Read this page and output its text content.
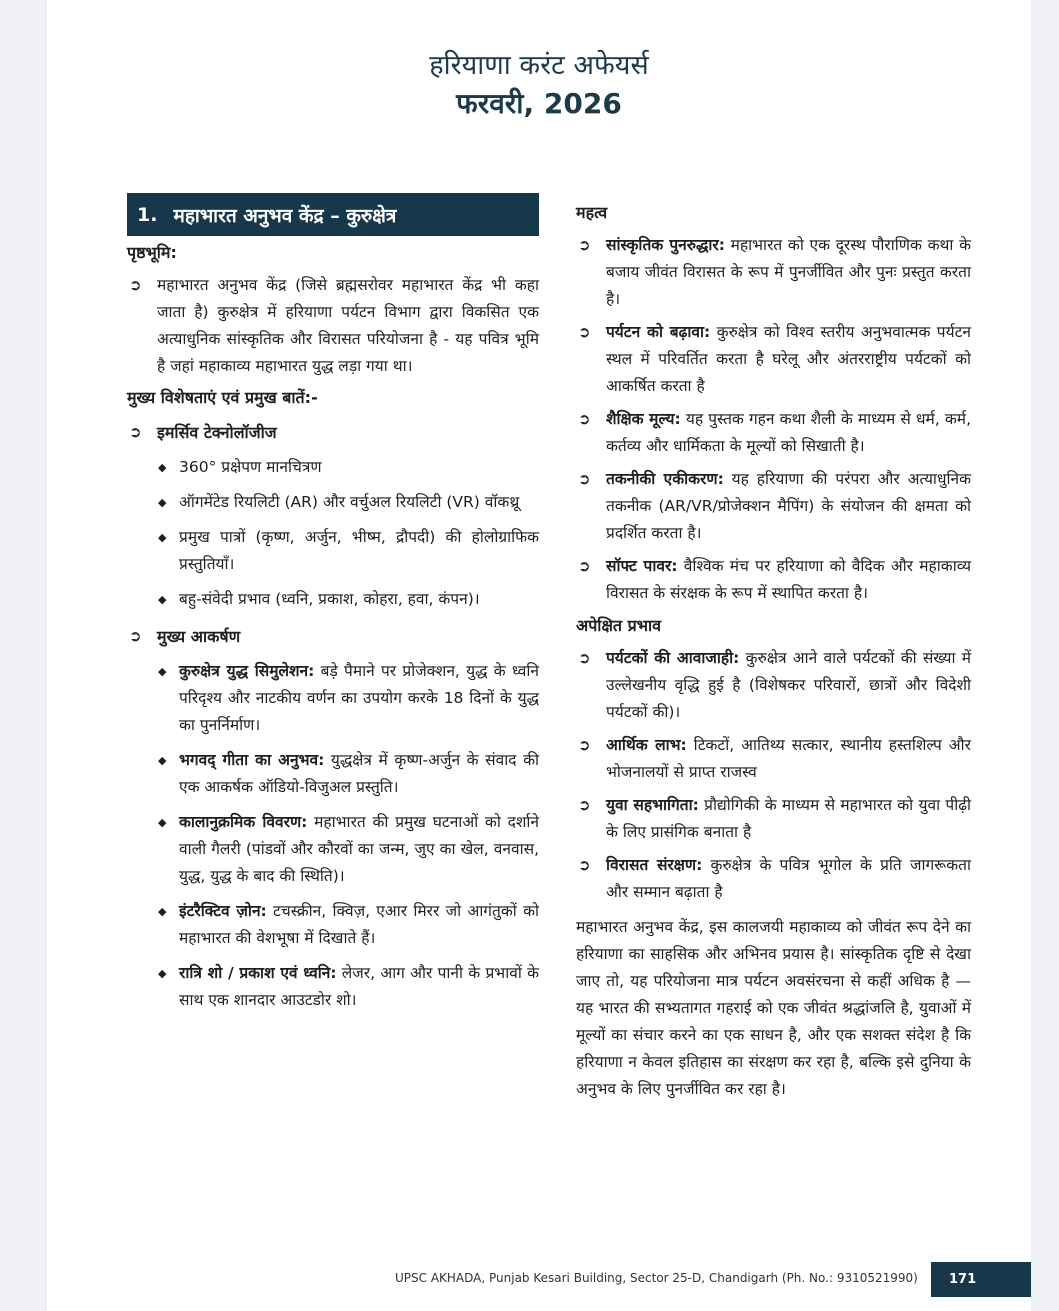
हरियाणा करंट अफेयर्स
फरवरी, 2026
1. महाभारत अनुभव केंद्र – कुरुक्षेत्र
पृष्ठभूमि:
➲ महाभारत अनुभव केंद्र (जिसे ब्रह्मसरोवर महाभारत केंद्र भी कहा जाता है) कुरुक्षेत्र में हरियाणा पर्यटन विभाग द्वारा विकसित एक अत्याधुनिक सांस्कृतिक और विरासत परियोजना है - यह पवित्र भूमि है जहां महाकाव्य महाभारत युद्ध लड़ा गया था।
मुख्य विशेषताएं एवं प्रमुख बातें:-
➲ इमर्सिव टेक्नोलॉजीज
◆ 360° प्रक्षेपण मानचित्रण
◆ ऑगमेंटेड रियलिटी (AR) और वर्चुअल रियलिटी (VR) वॉकथ्रू
◆ प्रमुख पात्रों (कृष्ण, अर्जुन, भीष्म, द्रौपदी) की होलोग्राफिक प्रस्तुतियाँ।
◆ बहु-संवेदी प्रभाव (ध्वनि, प्रकाश, कोहरा, हवा, कंपन)।
➲ मुख्य आकर्षण
◆ कुरुक्षेत्र युद्ध सिमुलेशन: बड़े पैमाने पर प्रोजेक्शन, युद्ध के ध्वनि परिदृश्य और नाटकीय वर्णन का उपयोग करके 18 दिनों के युद्ध का पुनर्निर्माण।
◆ भगवद् गीता का अनुभव: युद्धक्षेत्र में कृष्ण-अर्जुन के संवाद की एक आकर्षक ऑडियो-विजुअल प्रस्तुति।
◆ कालानुक्रमिक विवरण: महाभारत की प्रमुख घटनाओं को दर्शाने वाली गैलरी (पांडवों और कौरवों का जन्म, जुए का खेल, वनवास, युद्ध, युद्ध के बाद की स्थिति)।
◆ इंटरैक्टिव ज़ोन: टचस्क्रीन, क्विज़, एआर मिरर जो आगंतुकों को महाभारत की वेशभूषा में दिखाते हैं।
◆ रात्रि शो / प्रकाश एवं ध्वनि: लेजर, आग और पानी के प्रभावों के साथ एक शानदार आउटडोर शो।
महत्व
➲ सांस्कृतिक पुनरुद्धार: महाभारत को एक दूरस्थ पौराणिक कथा के बजाय जीवंत विरासत के रूप में पुनर्जीवित और पुनः प्रस्तुत करता है।
➲ पर्यटन को बढ़ावा: कुरुक्षेत्र को विश्व स्तरीय अनुभवात्मक पर्यटन स्थल में परिवर्तित करता है घरेलू और अंतरराष्ट्रीय पर्यटकों को आकर्षित करता है
➲ शैक्षिक मूल्य: यह पुस्तक गहन कथा शैली के माध्यम से धर्म, कर्म, कर्तव्य और धार्मिकता के मूल्यों को सिखाती है।
➲ तकनीकी एकीकरण: यह हरियाणा की परंपरा और अत्याधुनिक तकनीक (AR/VR/प्रोजेक्शन मैपिंग) के संयोजन की क्षमता को प्रदर्शित करता है।
➲ सॉफ्ट पावर: वैश्विक मंच पर हरियाणा को वैदिक और महाकाव्य विरासत के संरक्षक के रूप में स्थापित करता है।
अपेक्षित प्रभाव
➲ पर्यटकों की आवाजाही: कुरुक्षेत्र आने वाले पर्यटकों की संख्या में उल्लेखनीय वृद्धि हुई है (विशेषकर परिवारों, छात्रों और विदेशी पर्यटकों की)।
➲ आर्थिक लाभ: टिकटों, आतिथ्य सत्कार, स्थानीय हस्तशिल्प और भोजनालयों से प्राप्त राजस्व
➲ युवा सहभागिता: प्रौद्योगिकी के माध्यम से महाभारत को युवा पीढ़ी के लिए प्रासंगिक बनाता है
➲ विरासत संरक्षण: कुरुक्षेत्र के पवित्र भूगोल के प्रति जागरूकता और सम्मान बढ़ाता है
महाभारत अनुभव केंद्र, इस कालजयी महाकाव्य को जीवंत रूप देने का हरियाणा का साहसिक और अभिनव प्रयास है। सांस्कृतिक दृष्टि से देखा जाए तो, यह परियोजना मात्र पर्यटन अवसंरचना से कहीं अधिक है — यह भारत की सभ्यतागत गहराई को एक जीवंत श्रद्धांजलि है, युवाओं में मूल्यों का संचार करने का एक साधन है, और एक सशक्त संदेश है कि हरियाणा न केवल इतिहास का संरक्षण कर रहा है, बल्कि इसे दुनिया के अनुभव के लिए पुनर्जीवित कर रहा है।
UPSC AKHADA, Punjab Kesari Building, Sector 25-D, Chandigarh (Ph. No.: 9310521990) 171
